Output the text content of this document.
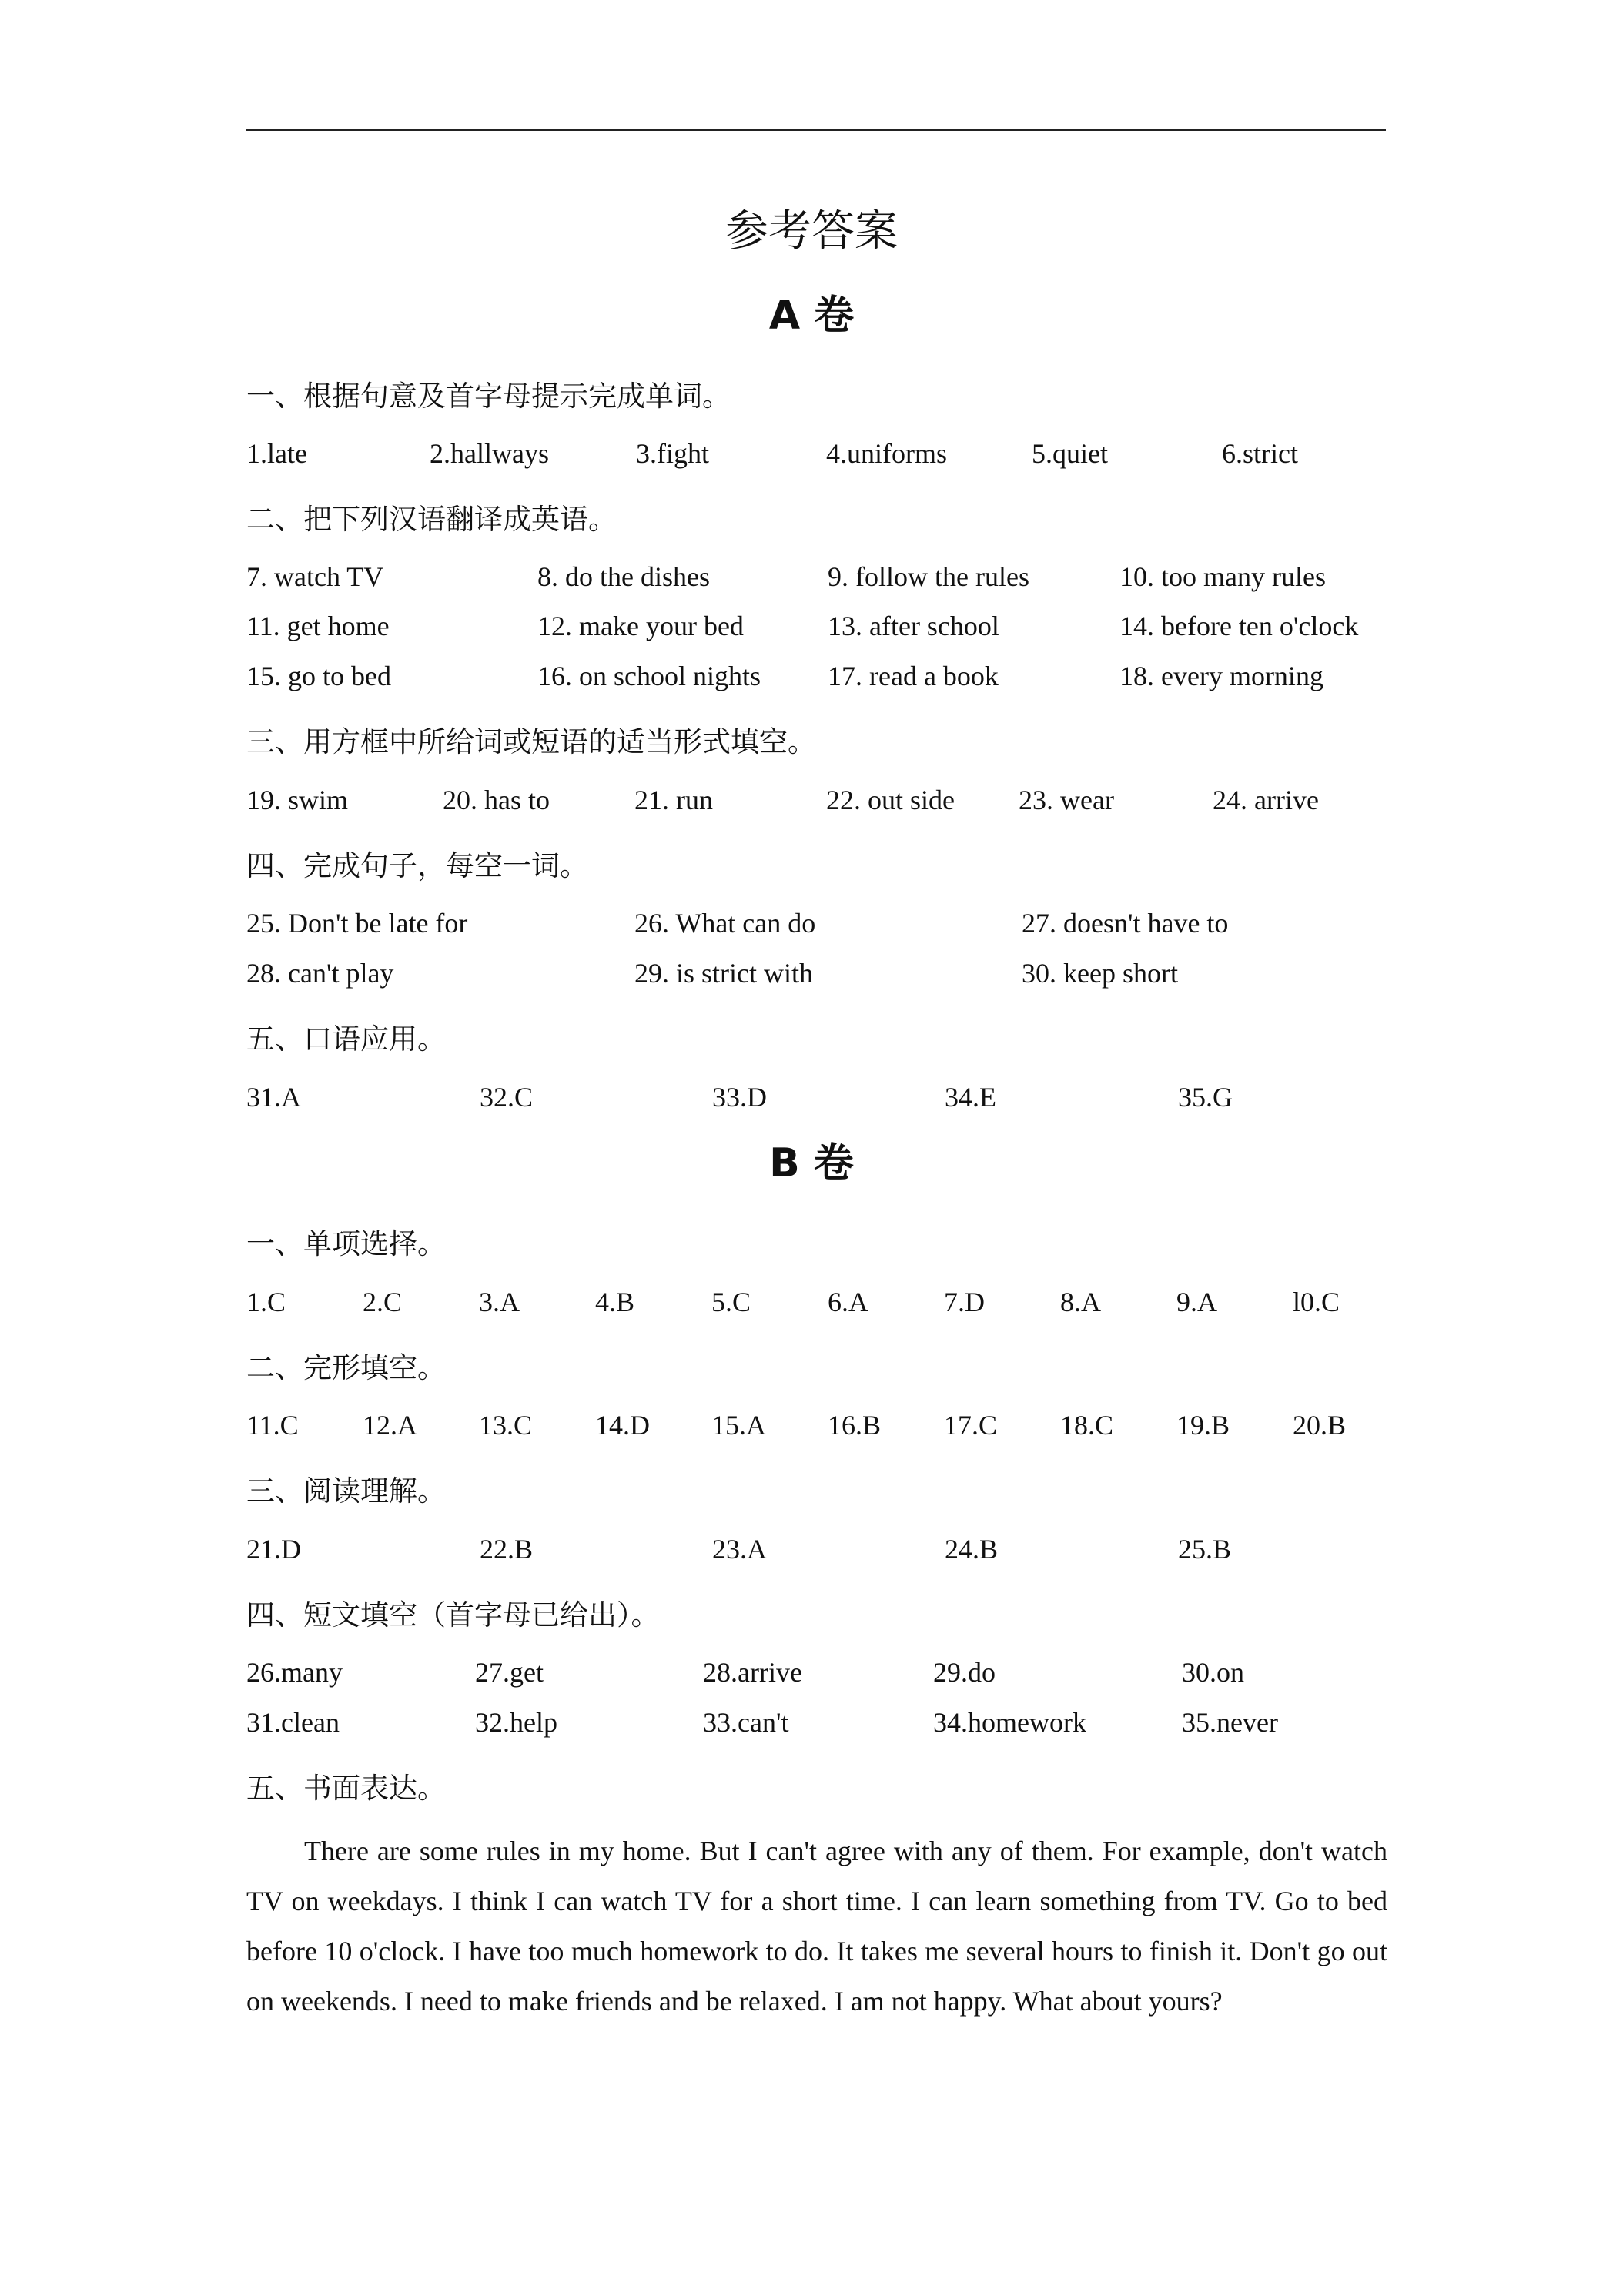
参考答案
A 卷
一、根据句意及首字母提示完成单词。
1.late	2.hallways	3.fight	4.uniforms	5.quiet	6.strict
二、把下列汉语翻译成英语。
7. watch TV	8. do the dishes	9. follow the rules	10. too many rules
11. get home	12. make your bed	13. after school	14. before ten o'clock
15. go to bed	16. on school nights 17. read a book	18. every morning
三、用方框中所给词或短语的适当形式填空。
19. swim	20. has to	21. run	22. out side 23. wear	24. arrive
四、完成句子，每空一词。
25. Don't be late for	26. What can do	27. doesn't have to
28. can't play	29. is strict with	30. keep short
五、口语应用。
31.A	32.C	33.D	34.E	35.G
B 卷
一、单项选择。
1.C	2.C	3.A	4.B	5.C	6.A	7.D	8.A	9.A	l0.C
二、完形填空。
11.C 12.A 13.C 14.D 15.A 16.B 17.C 18.C 19.B 20.B
三、阅读理解。
21.D	22.B	23.A	24.B	25.B
四、短文填空（首字母已给出）。
26.many	27.get	28.arrive	29.do	30.on
31.clean	32.help	33.can't	34.homework	35.never
五、书面表达。
There are some rules in my home. But I can't agree with any of them. For example, don't watch TV on weekdays. I think I can watch TV for a short time. I can learn something from TV. Go to bed before 10 o'clock. I have too much homework to do. It takes me several hours to finish it. Don't go out on weekends. I need to make friends and be relaxed. I am not happy. What about yours?
